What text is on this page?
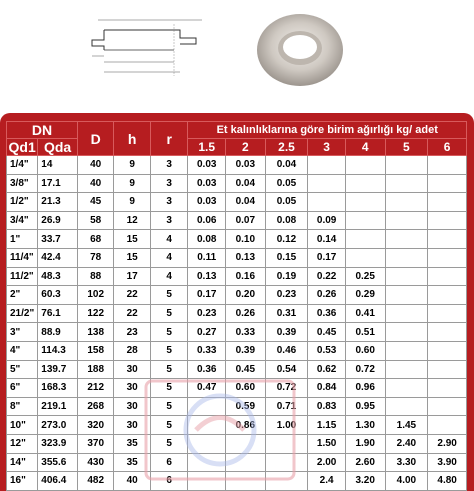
DN		D	h	r	Et kalınlıklarına göre birim ağırlığı kg/ adet						
Qd1	Qda				1.5	2	2.5	3	4	5	6
1/4"	14	40	9	3	0.03	0.03	0.04				
3/8"	17.1	40	9	3	0.03	0.04	0.05				
1/2"	21.3	45	9	3	0.03	0.04	0.05				
3/4"	26.9	58	12	3	0.06	0.07	0.08	0.09			
1"	33.7	68	15	4	0.08	0.10	0.12	0.14			
11/4"	42.4	78	15	4	0.11	0.13	0.15	0.17			
11/2"	48.3	88	17	4	0.13	0.16	0.19	0.22	0.25		
2"	60.3	102	22	5	0.17	0.20	0.23	0.26	0.29		
21/2"	76.1	122	22	5	0.23	0.26	0.31	0.36	0.41		
3"	88.9	138	23	5	0.27	0.33	0.39	0.45	0.51		
4"	114.3	158	28	5	0.33	0.39	0.46	0.53	0.60		
5"	139.7	188	30	5	0.36	0.45	0.54	0.62	0.72		
6"	168.3	212	30	5	0.47	0.60	0.72	0.84	0.96		
8"	219.1	268	30	5		0.59	0.71	0.83	0.95		
10"	273.0	320	30	5		0.86	1.00	1.15	1.30	1.45	
12"	323.9	370	35	5				1.50	1.90	2.40	2.90
14"	355.6	430	35	6				2.00	2.60	3.30	3.90
16"	406.4	482	40	6				2.4	3.20	4.00	4.80
